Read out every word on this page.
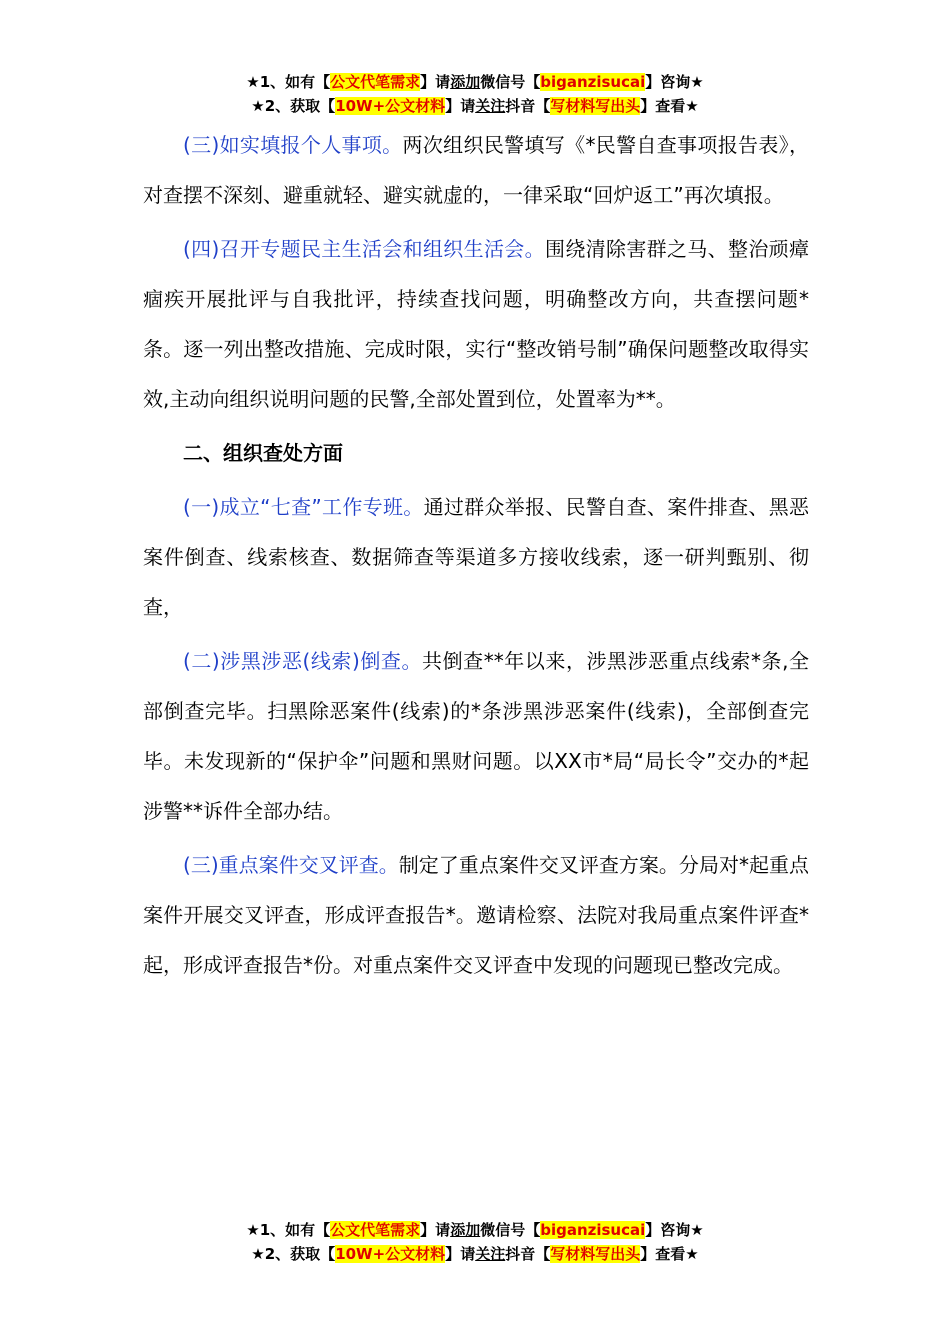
★1、如有【公文代笔需求】请添加微信号【biganzisucai】咨询★
★2、获取【10W+公文材料】请关注抖音【写材料写出头】查看★

(三)如实填报个人事项。两次组织民警填写《*民警自查事项报告表》，对查摆不深刻、避重就轻、避实就虚的，一律采取“回炉返工”再次填报。

(四)召开专题民主生活会和组织生活会。围绕清除害群之马、整治顽瘴痼疾开展批评与自我批评，持续查找问题，明确整改方向，共查摆问题*条。逐一列出整改措施、完成时限，实行“整改销号制”确保问题整改取得实效,主动向组织说明问题的民警,全部处置到位，处置率为**。

二、组织查处方面

(一)成立“七查”工作专班。通过群众举报、民警自查、案件排查、黑恶案件倒查、线索核查、数据筛查等渠道多方接收线索，逐一研判甄别、彻查，

(二)涉黑涉恶(线索)倒查。共倒查**年以来，涉黑涉恶重点线索*条,全部倒查完毕。扫黑除恶案件(线索)的*条涉黑涉恶案件(线索)，全部倒查完毕。未发现新的“保护伞”问题和黑财问题。以XX市*局“局长令”交办的*起涉警**诉件全部办结。

(三)重点案件交叉评查。制定了重点案件交叉评查方案。分局对*起重点案件开展交叉评查，形成评查报告*。邀请检察、法院对我局重点案件评查*起，形成评查报告*份。对重点案件交叉评查中发现的问题现已整改完成。

★1、如有【公文代笔需求】请添加微信号【biganzisucai】咨询★
★2、获取【10W+公文材料】请关注抖音【写材料写出头】查看★
